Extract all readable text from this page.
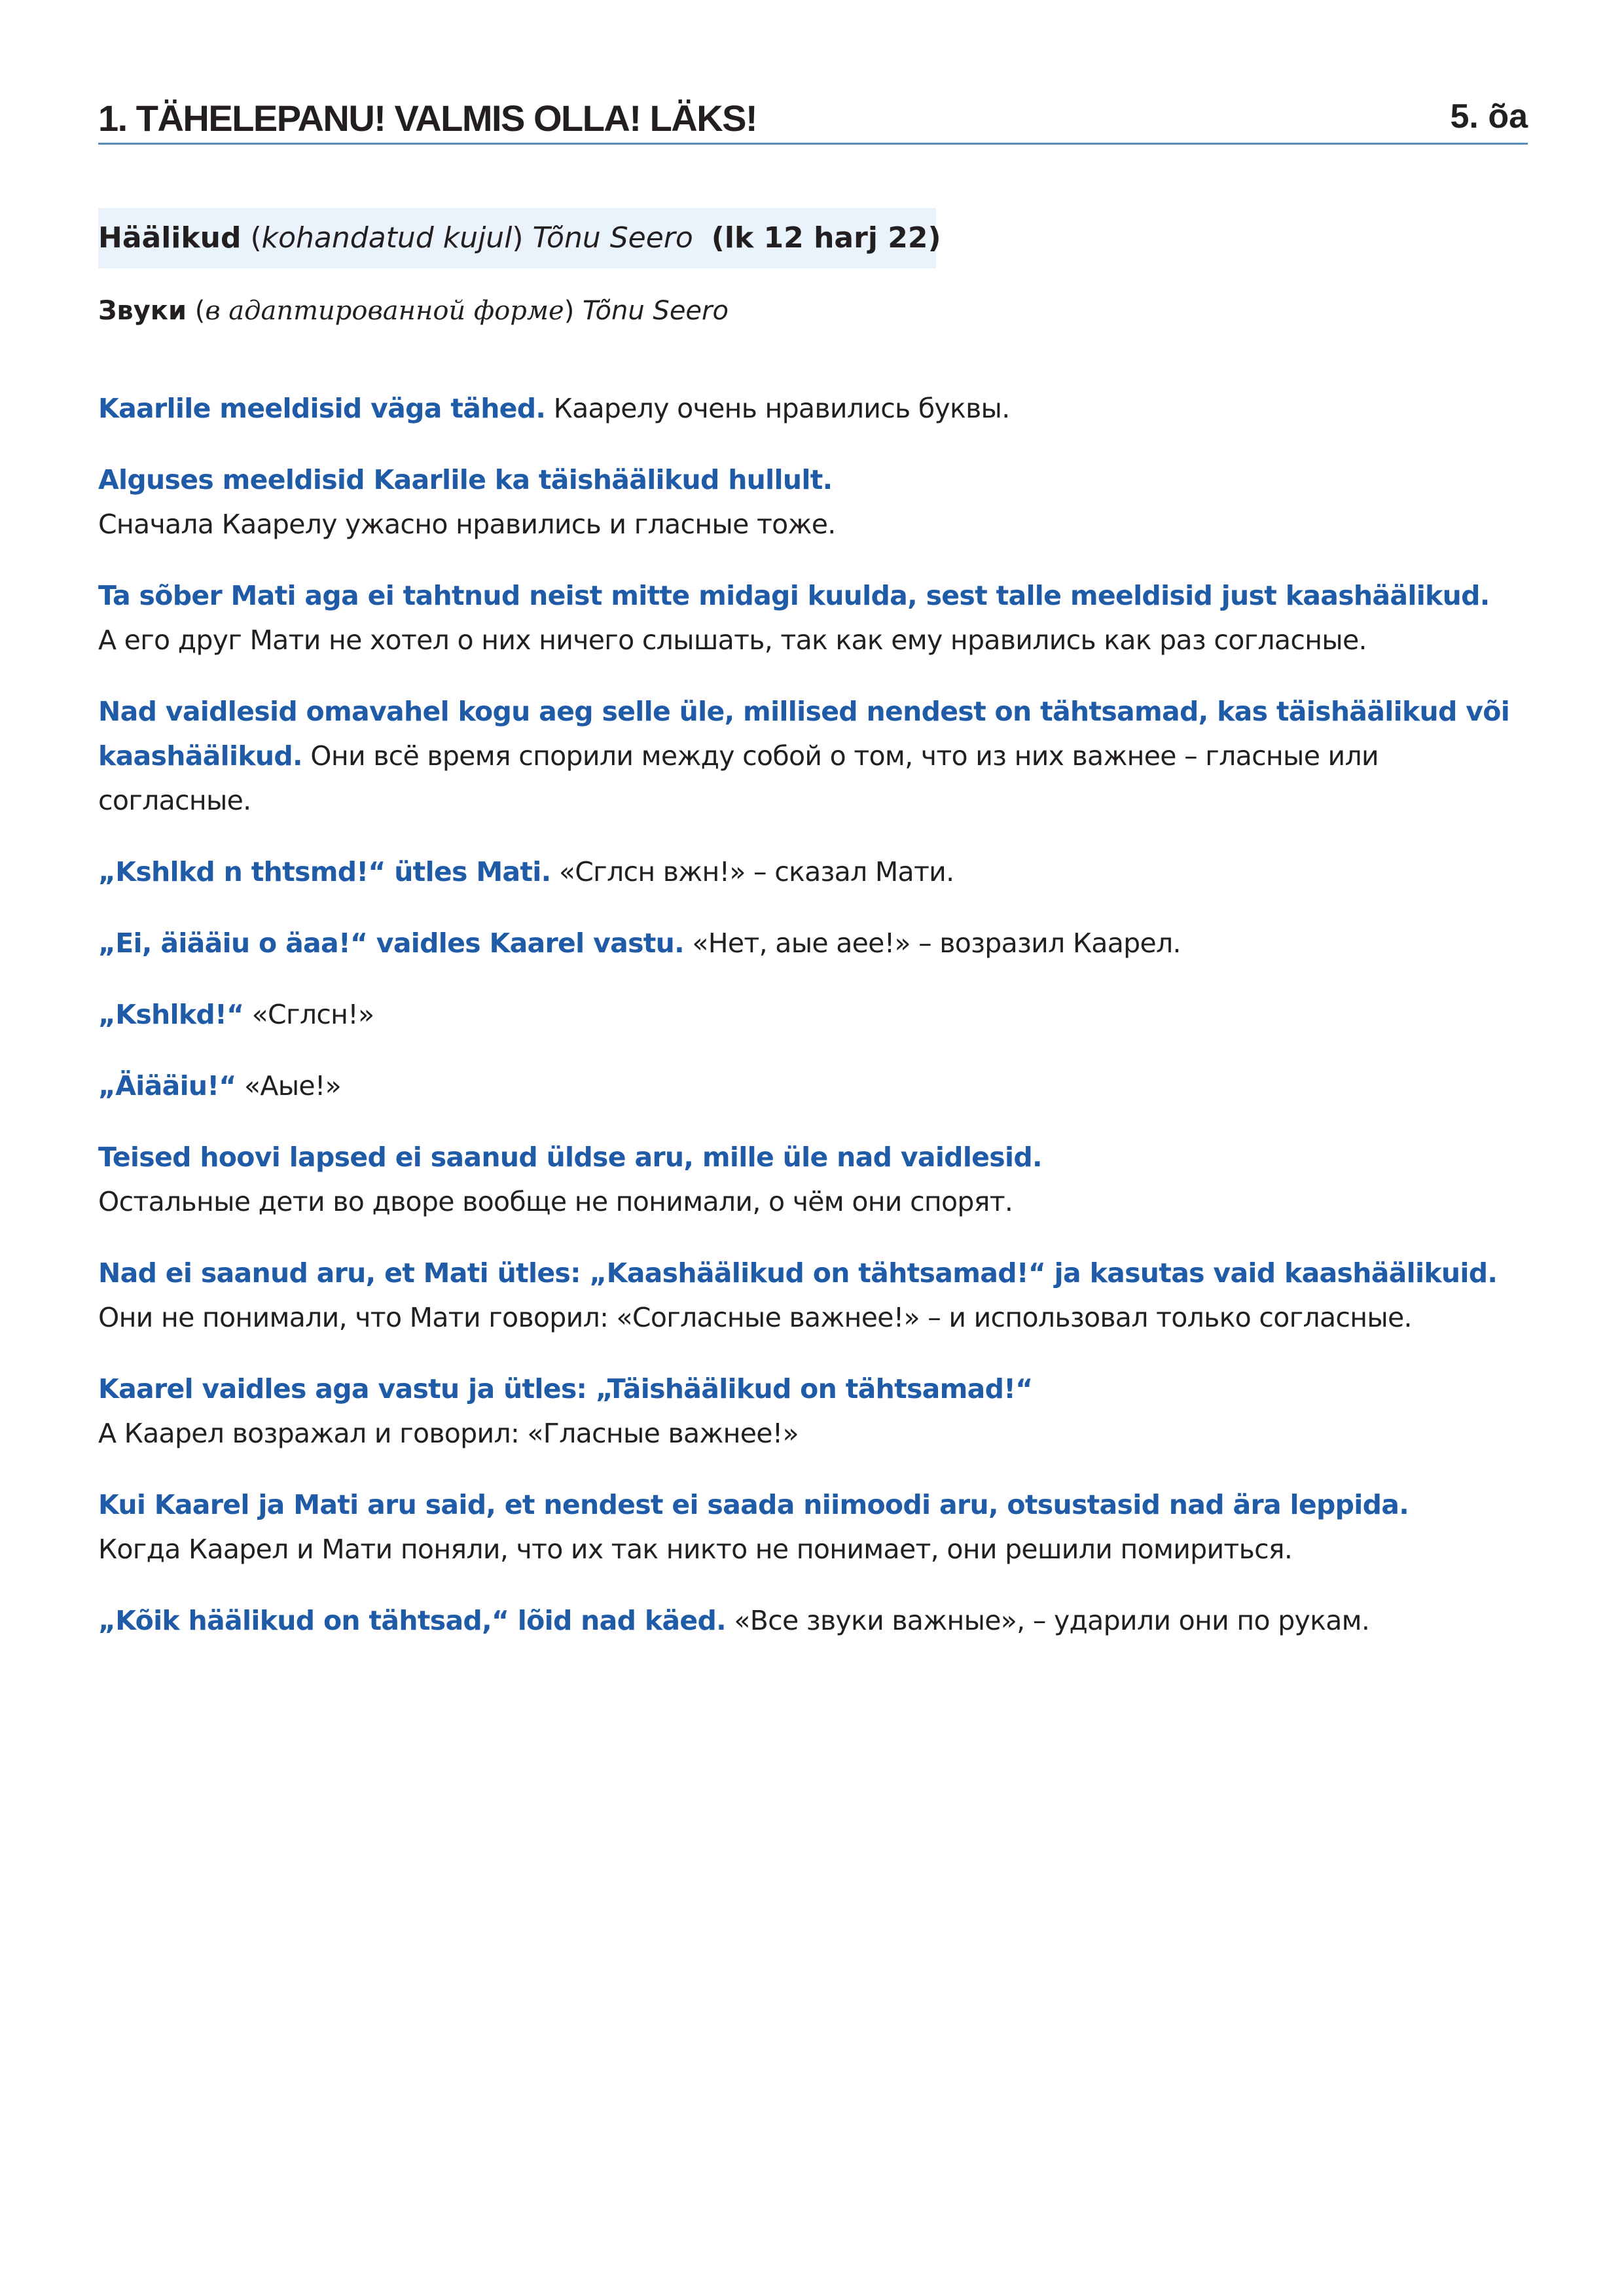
1. TÄHELEPANU! VALMIS OLLA! LÄKS!	5. õa
Häälikud (kohandatud kujul) Tõnu Seero (lk 12 harj 22)
Звуки (в адаптированной форме) Tõnu Seero

Kaarlile meeldisid väga tähed. Каарелу очень нравились буквы.

Alguses meeldisid Kaarlile ka täishäälikud hullult.
Сначала Каарелу ужасно нравились и гласные тоже.

Ta sõber Mati aga ei tahtnud neist mitte midagi kuulda, sest talle meeldisid just kaashäälikud.
А его друг Мати не хотел о них ничего слышать, так как ему нравились как раз согласные.

Nad vaidlesid omavahel kogu aeg selle üle, millised nendest on tähtsamad, kas täishäälikud või kaashäälikud. Они всё время спорили между собой о том, что из них важнее – гласные или согласные.

„Kshlkd n thtsmd!“ ütles Mati. «Сглсн вжн!» – сказал Мати.

„Ei, äiääiu o äaa!“ vaidles Kaarel vastu. «Нет, аые аее!» – возразил Каарел.

„Kshlkd!“ «Сглсн!»

„Äiääiu!“ «Аые!»

Teised hoovi lapsed ei saanud üldse aru, mille üle nad vaidlesid.
Остальные дети во дворе вообще не понимали, о чём они спорят.

Nad ei saanud aru, et Mati ütles: „Kaashäälikud on tähtsamad!“ ja kasutas vaid kaashäälikuid.
Они не понимали, что Мати говорил: «Согласные важнее!» – и использовал только согласные.

Kaarel vaidles aga vastu ja ütles: „Täishäälikud on tähtsamad!“
А Каарел возражал и говорил: «Гласные важнее!»

Kui Kaarel ja Mati aru said, et nendest ei saada niimoodi aru, otsustasid nad ära leppida.
Когда Каарел и Мати поняли, что их так никто не понимает, они решили помириться.

„Kõik häälikud on tähtsad,“ lõid nad käed. «Все звуки важные», – ударили они по рукам.
